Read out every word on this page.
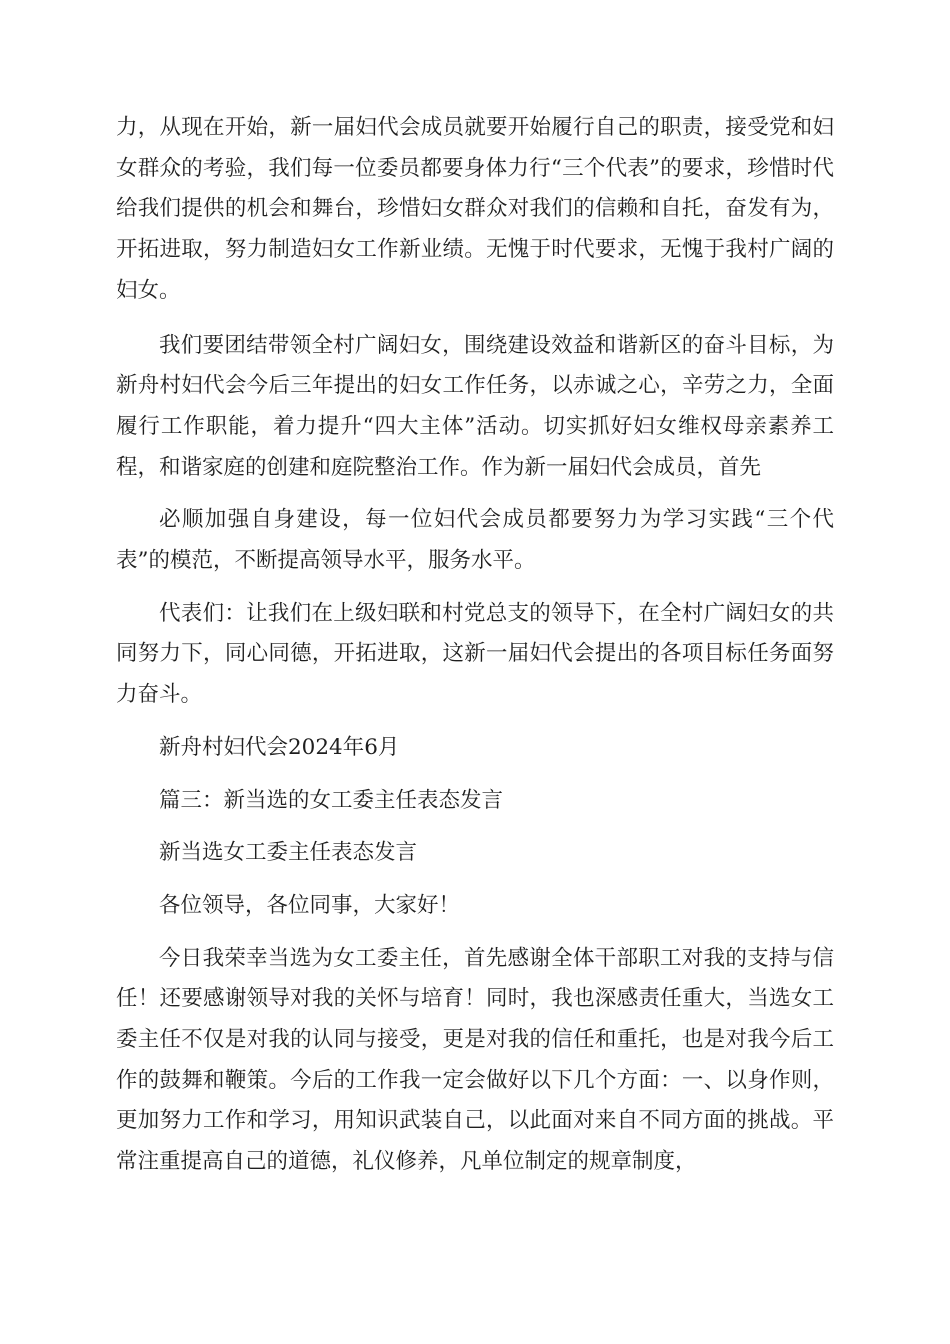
力，从现在开始，新一届妇代会成员就要开始履行自己的职责，接受党和妇女群众的考验，我们每一位委员都要身体力行“三个代表”的要求，珍惜时代给我们提供的机会和舞台，珍惜妇女群众对我们的信赖和自托，奋发有为，开拓进取，努力制造妇女工作新业绩。无愧于时代要求，无愧于我村广阔的妇女。

我们要团结带领全村广阔妇女，围绕建设效益和谐新区的奋斗目标，为新舟村妇代会今后三年提出的妇女工作任务，以赤诚之心，辛劳之力，全面履行工作职能，着力提升“四大主体”活动。切实抓好妇女维权母亲素养工程，和谐家庭的创建和庭院整治工作。作为新一届妇代会成员，首先

必顺加强自身建设，每一位妇代会成员都要努力为学习实践“三个代表”的模范，不断提高领导水平，服务水平。

代表们：让我们在上级妇联和村党总支的领导下，在全村广阔妇女的共同努力下，同心同德，开拓进取，这新一届妇代会提出的各项目标任务面努力奋斗。

新舟村妇代会2024年6月

篇三：新当选的女工委主任表态发言

新当选女工委主任表态发言

各位领导，各位同事，大家好！

今日我荣幸当选为女工委主任，首先感谢全体干部职工对我的支持与信任！还要感谢领导对我的关怀与培育！同时，我也深感责任重大，当选女工委主任不仅是对我的认同与接受，更是对我的信任和重托，也是对我今后工作的鼓舞和鞭策。今后的工作我一定会做好以下几个方面：一、以身作则，更加努力工作和学习，用知识武装自己，以此面对来自不同方面的挑战。平常注重提高自己的道德，礼仪修养，凡单位制定的规章制度，
